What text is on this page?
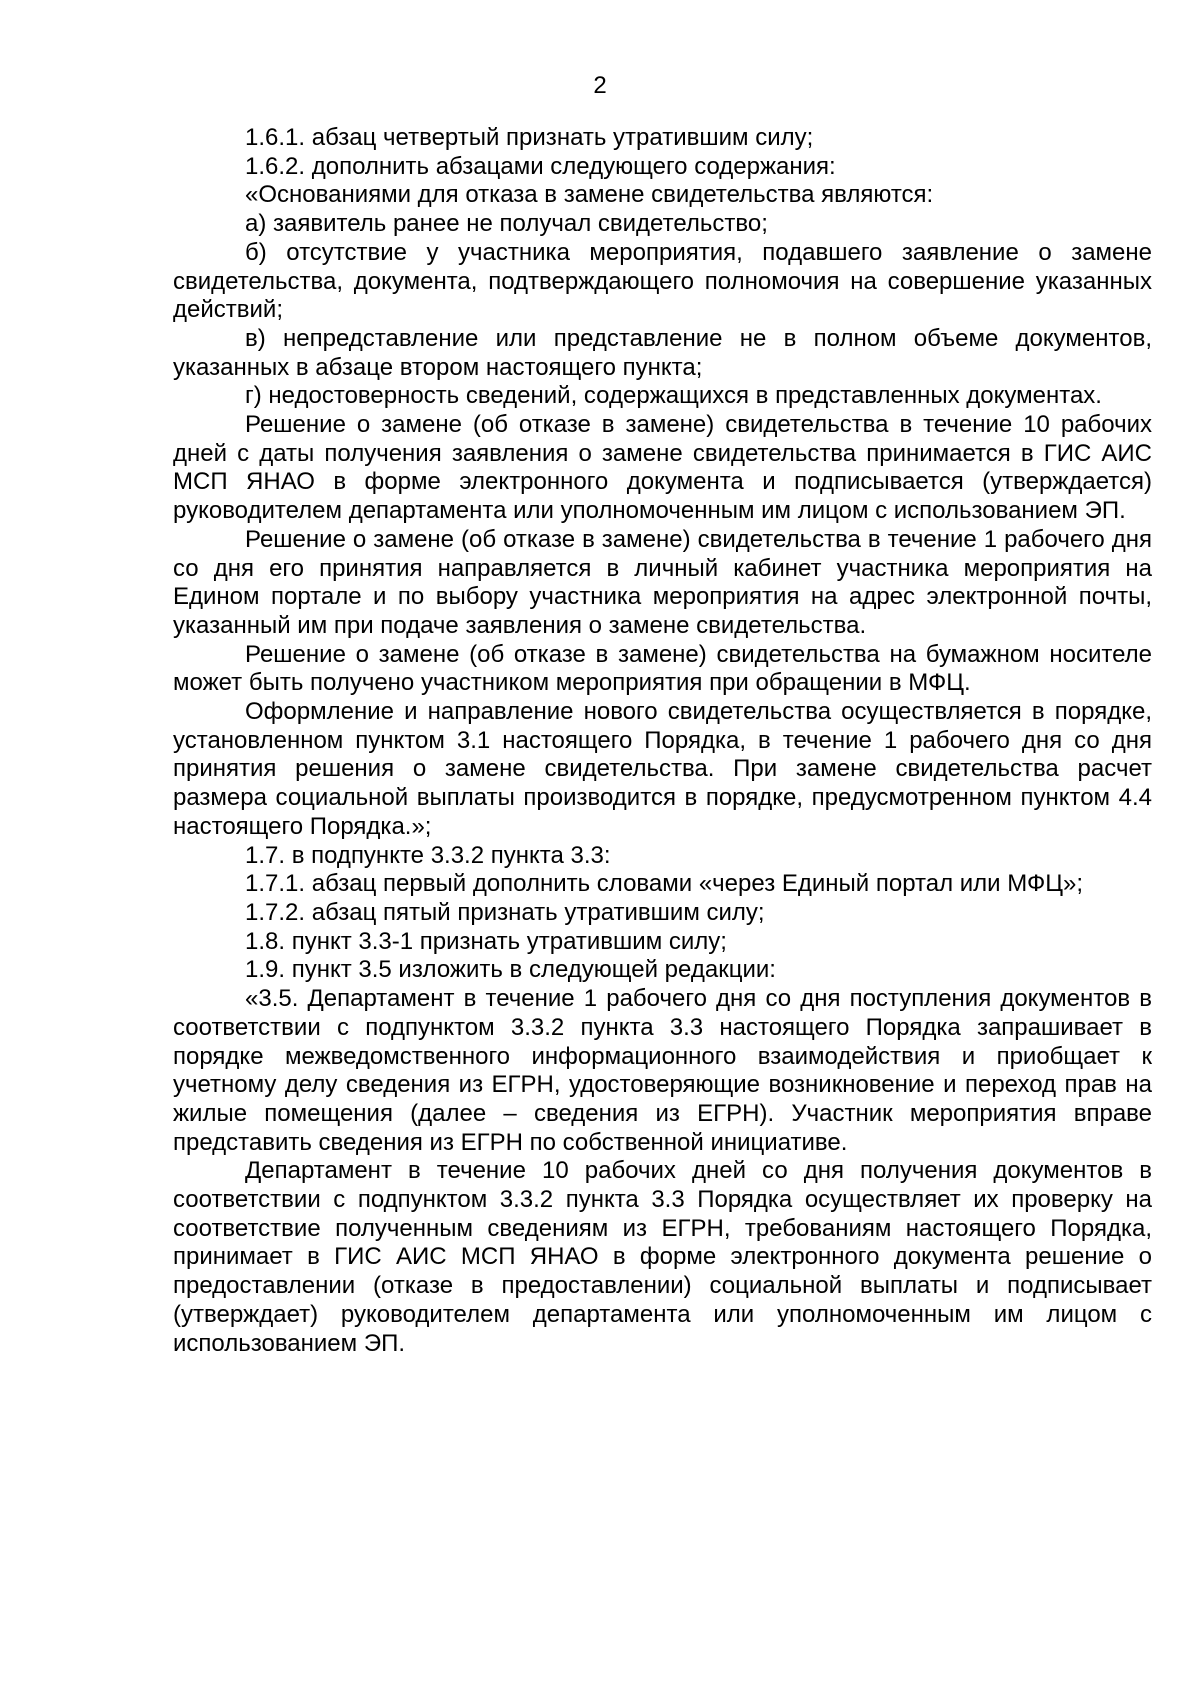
2

1.6.1. абзац четвертый признать утратившим силу;

1.6.2. дополнить абзацами следующего содержания:

«Основаниями для отказа в замене свидетельства являются:

а) заявитель ранее не получал свидетельство;

б) отсутствие у участника мероприятия, подавшего заявление о замене свидетельства, документа, подтверждающего полномочия на совершение указанных действий;

в) непредставление или представление не в полном объеме документов, указанных в абзаце втором настоящего пункта;

г) недостоверность сведений, содержащихся в представленных документах.

Решение о замене (об отказе в замене) свидетельства в течение 10 рабочих дней с даты получения заявления о замене свидетельства принимается в ГИС АИС МСП ЯНАО в форме электронного документа и подписывается (утверждается) руководителем департамента или уполномоченным им лицом с использованием ЭП.

Решение о замене (об отказе в замене) свидетельства в течение 1 рабочего дня со дня его принятия направляется в личный кабинет участника мероприятия на Едином портале и по выбору участника мероприятия на адрес электронной почты, указанный им при подаче заявления о замене свидетельства.

Решение о замене (об отказе в замене) свидетельства на бумажном носителе может быть получено участником мероприятия при обращении в МФЦ.

Оформление и направление нового свидетельства осуществляется в порядке, установленном пунктом 3.1 настоящего Порядка, в течение 1 рабочего дня со дня принятия решения о замене свидетельства. При замене свидетельства расчет размера социальной выплаты производится в порядке, предусмотренном пунктом 4.4 настоящего Порядка.»;

1.7. в подпункте 3.3.2 пункта 3.3:

1.7.1. абзац первый дополнить словами «через Единый портал или МФЦ»;

1.7.2. абзац пятый признать утратившим силу;

1.8. пункт 3.3-1 признать утратившим силу;

1.9. пункт 3.5 изложить в следующей редакции:

«3.5. Департамент в течение 1 рабочего дня со дня поступления документов в соответствии с подпунктом 3.3.2 пункта 3.3 настоящего Порядка запрашивает в порядке межведомственного информационного взаимодействия и приобщает к учетному делу сведения из ЕГРН, удостоверяющие возникновение и переход прав на жилые помещения (далее – сведения из ЕГРН). Участник мероприятия вправе представить сведения из ЕГРН по собственной инициативе.

Департамент в течение 10 рабочих дней со дня получения документов в соответствии с подпунктом 3.3.2 пункта 3.3 Порядка осуществляет их проверку на соответствие полученным сведениям из ЕГРН, требованиям настоящего Порядка, принимает в ГИС АИС МСП ЯНАО в форме электронного документа решение о предоставлении (отказе в предоставлении) социальной выплаты и подписывает (утверждает) руководителем департамента или уполномоченным им лицом с использованием ЭП.
